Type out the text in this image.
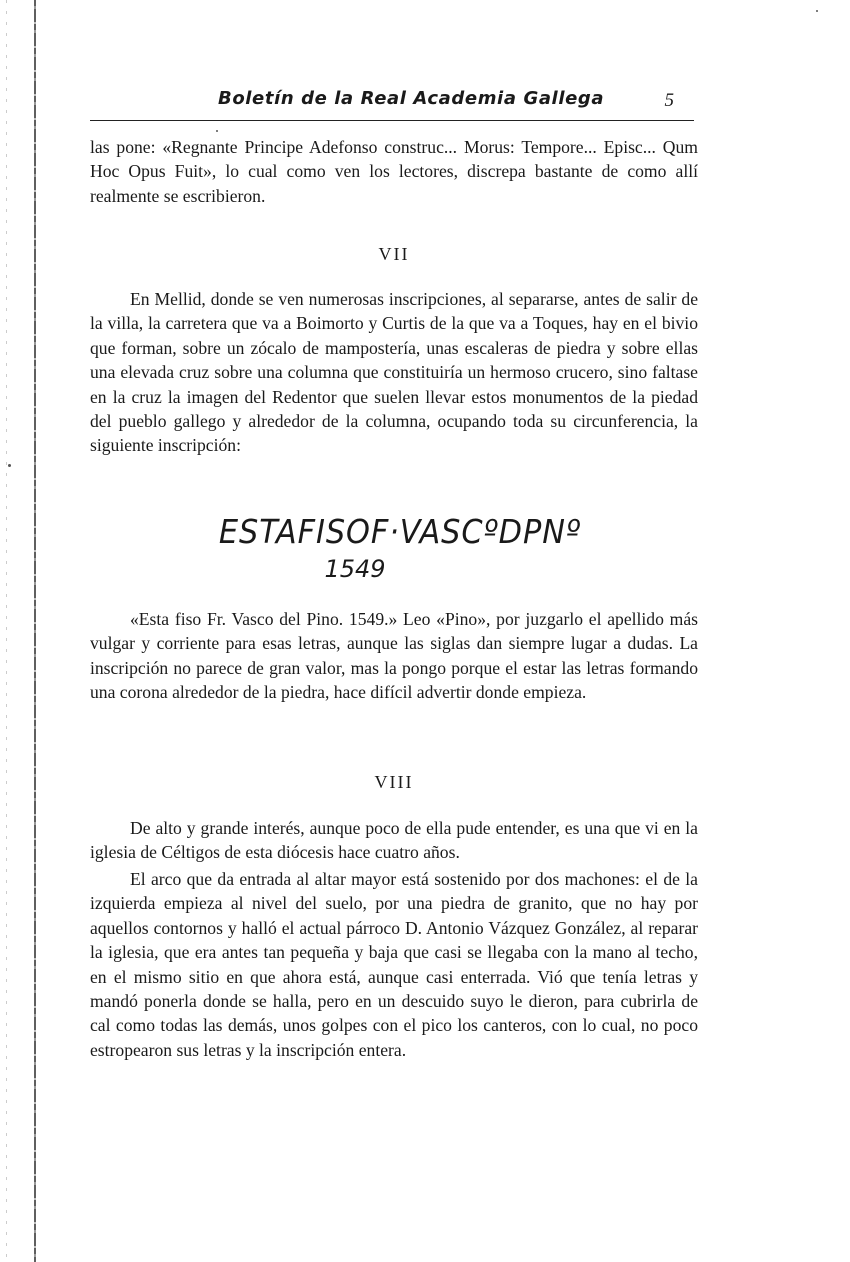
Boletín de la Real Academia Gallega	5

las pone: «Regnante Principe Adefonso construc... Morus: Tempore... Episc... Qum Hoc Opus Fuit», lo cual como ven los lectores, discrepa bastante de como allí realmente se escribieron.

VII

En Mellid, donde se ven numerosas inscripciones, al separarse, antes de salir de la villa, la carretera que va a Boimorto y Curtis de la que va a Toques, hay en el bivio que forman, sobre un zócalo de mampostería, unas escaleras de piedra y sobre ellas una elevada cruz sobre una columna que constituiría un hermoso crucero, sino faltase en la cruz la imagen del Redentor que suelen llevar estos monumentos de la piedad del pueblo gallego y alrededor de la columna, ocupando toda su circunferencia, la siguiente inscripción:

ESTAFISOF·VASCºDPNº
1549

«Esta fiso Fr. Vasco del Pino. 1549.» Leo «Pino», por juzgarlo el apellido más vulgar y corriente para esas letras, aunque las siglas dan siempre lugar a dudas. La inscripción no parece de gran valor, mas la pongo porque el estar las letras formando una corona alrededor de la piedra, hace difícil advertir donde empieza.

VIII

De alto y grande interés, aunque poco de ella pude entender, es una que vi en la iglesia de Céltigos de esta diócesis hace cuatro años.

El arco que da entrada al altar mayor está sostenido por dos machones: el de la izquierda empieza al nivel del suelo, por una piedra de granito, que no hay por aquellos contornos y halló el actual párroco D. Antonio Vázquez González, al reparar la iglesia, que era antes tan pequeña y baja que casi se llegaba con la mano al techo, en el mismo sitio en que ahora está, aunque casi enterrada. Vió que tenía letras y mandó ponerla donde se halla, pero en un descuido suyo le dieron, para cubrirla de cal como todas las demás, unos golpes con el pico los canteros, con lo cual, no poco estropearon sus letras y la inscripción entera.
